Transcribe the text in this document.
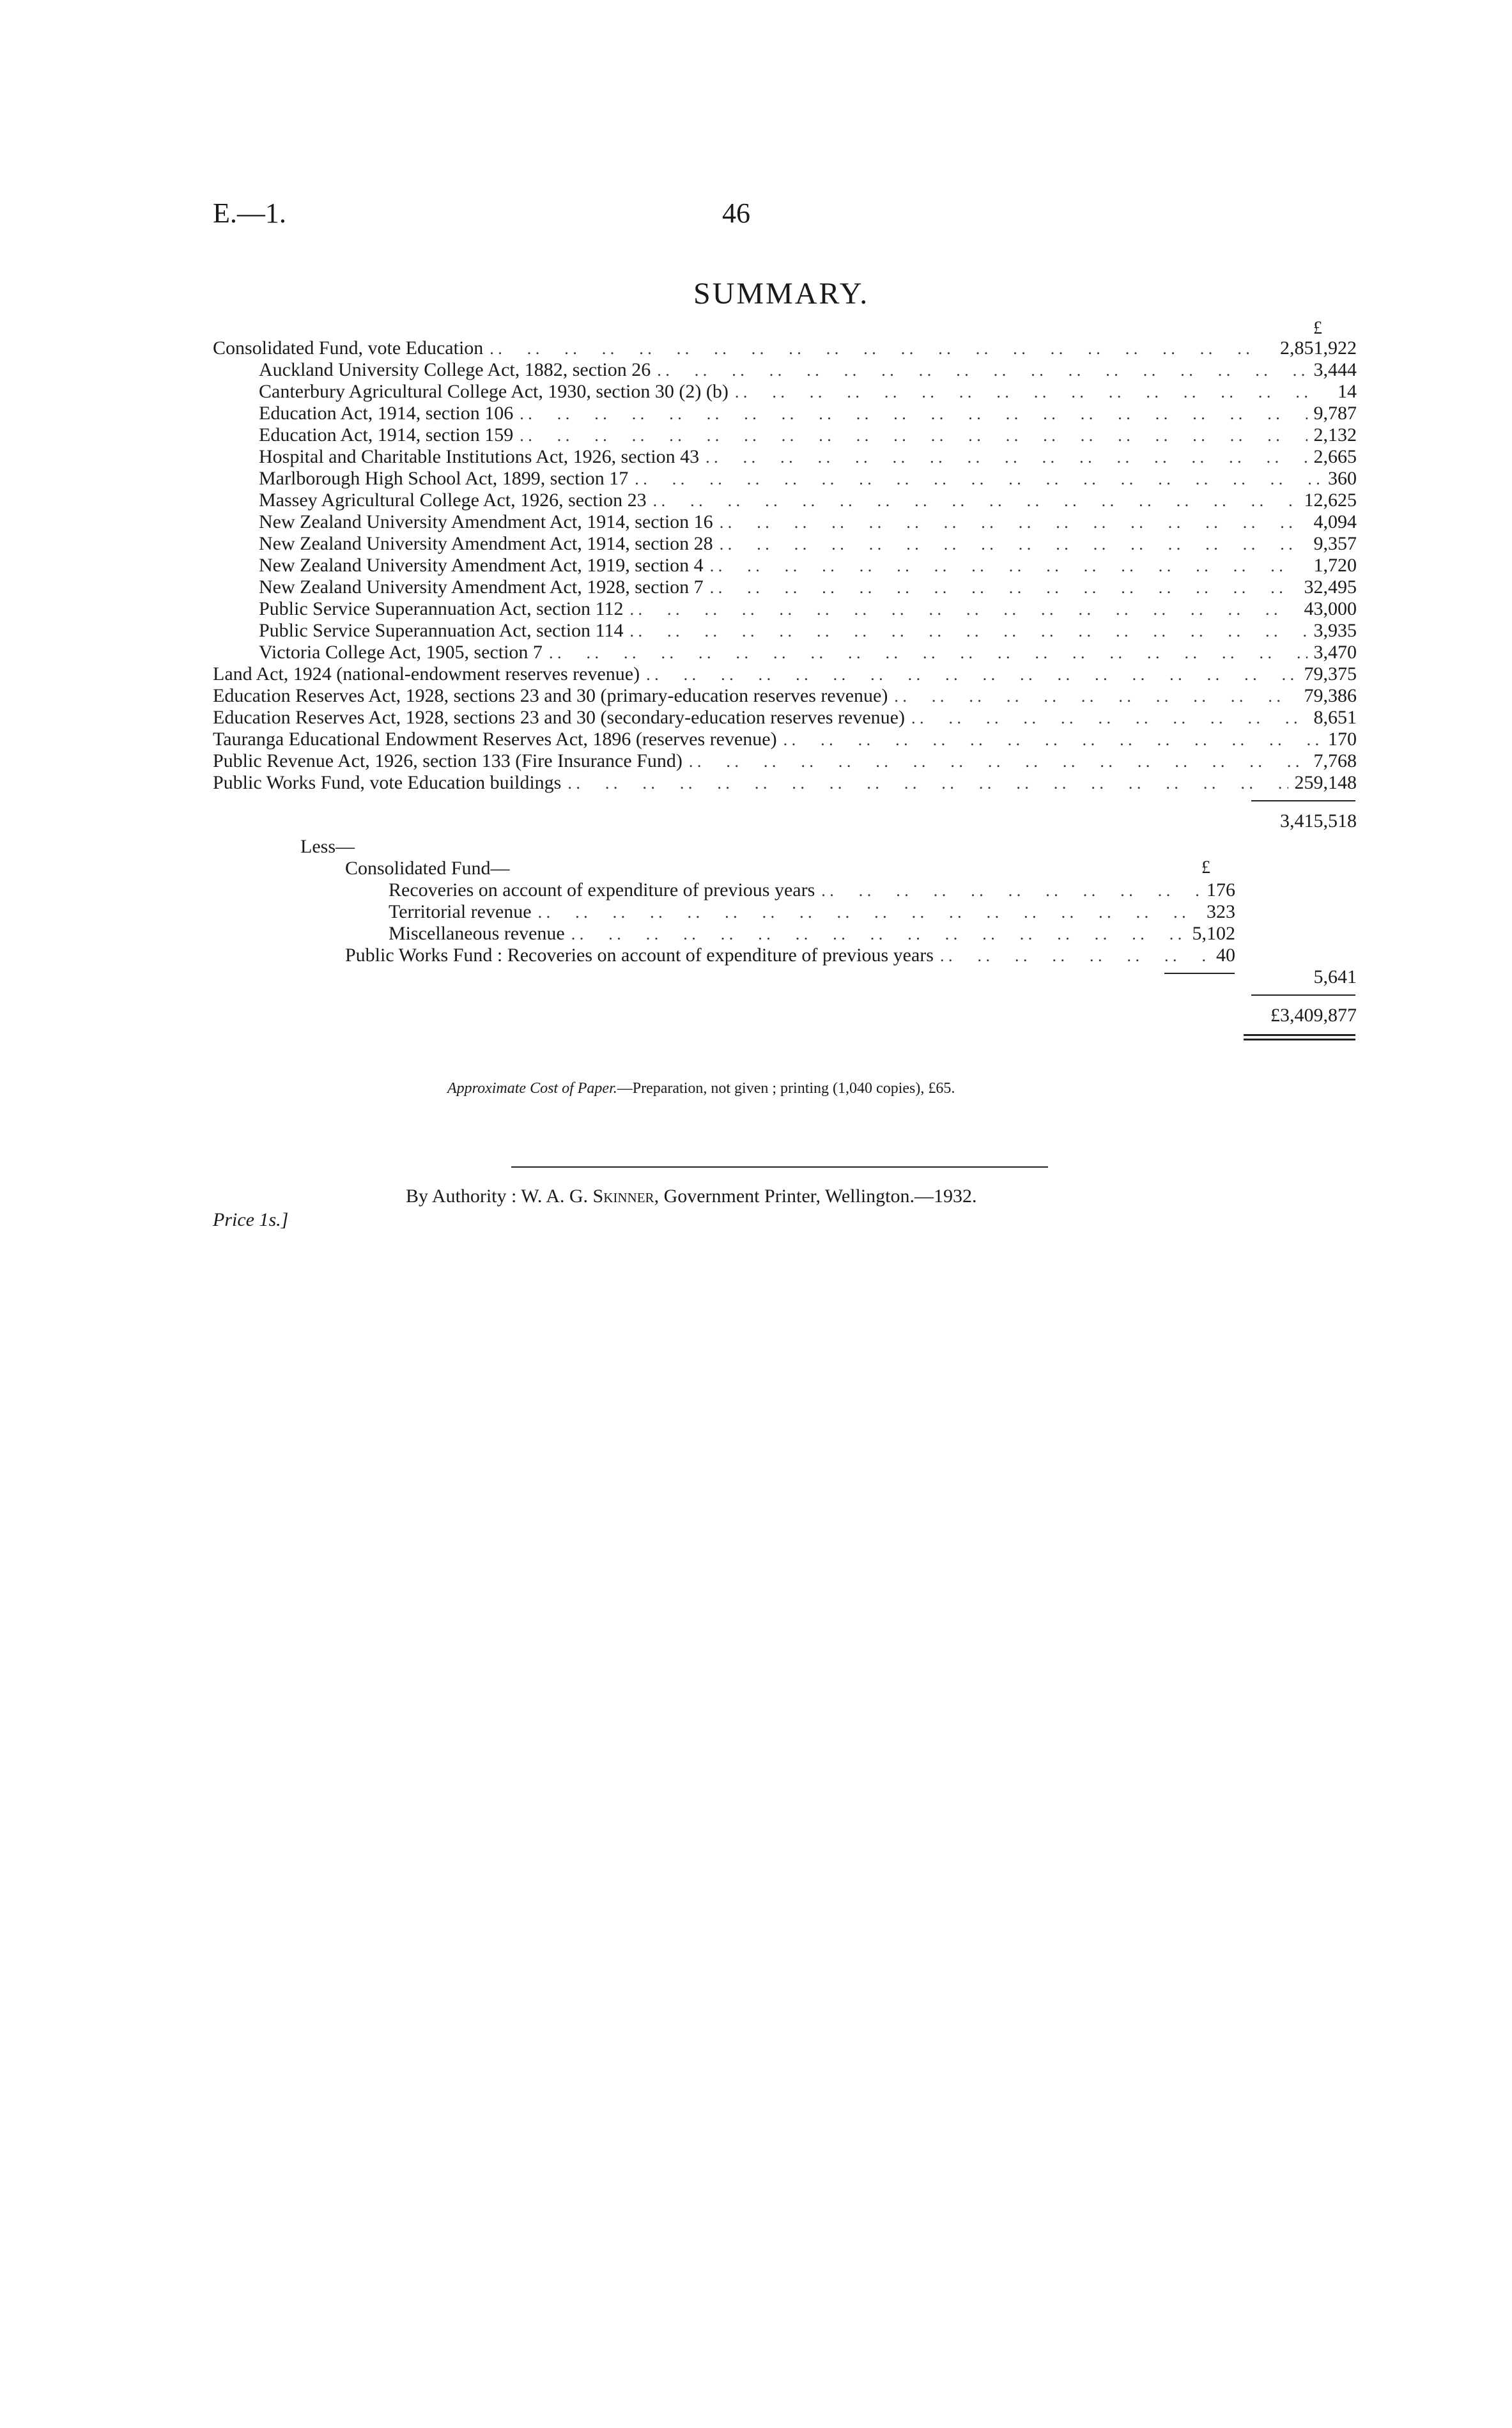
E.—1.	46
SUMMARY.
£
Consolidated Fund, vote Education . .	2,851,922
Auckland University College Act, 1882, section 26 . .	3,444
Canterbury Agricultural College Act, 1930, section 30 (2) (b) . .	14
Education Act, 1914, section 106 . .	9,787
Education Act, 1914, section 159 . .	2,132
Hospital and Charitable Institutions Act, 1926, section 43 . .	2,665
Marlborough High School Act, 1899, section 17 . .	360
Massey Agricultural College Act, 1926, section 23 . .	12,625
New Zealand University Amendment Act, 1914, section 16 . .	4,094
New Zealand University Amendment Act, 1914, section 28 . .	9,357
New Zealand University Amendment Act, 1919, section 4 . .	1,720
New Zealand University Amendment Act, 1928, section 7 . .	32,495
Public Service Superannuation Act, section 112 . .	43,000
Public Service Superannuation Act, section 114 . .	3,935
Victoria College Act, 1905, section 7 . .	3,470
Land Act, 1924 (national-endowment reserves revenue) . .	79,375
Education Reserves Act, 1928, sections 23 and 30 (primary-education reserves revenue) . .	79,386
Education Reserves Act, 1928, sections 23 and 30 (secondary-education reserves revenue) . .	8,651
Tauranga Educational Endowment Reserves Act, 1896 (reserves revenue) . .	170
Public Revenue Act, 1926, section 133 (Fire Insurance Fund) . .	7,768
Public Works Fund, vote Education buildings . .	259,148
3,415,518
Less—
Consolidated Fund—	£
Recoveries on account of expenditure of previous years . .	176
Territorial revenue . .	323
Miscellaneous revenue . .	5,102
Public Works Fund : Recoveries on account of expenditure of previous years . .	40
5,641
£3,409,877
Approximate Cost of Paper.—Preparation, not given ; printing (1,040 copies), £65.
Price 1s.]
By Authority : W. A. G. Skinner, Government Printer, Wellington.—1932.
